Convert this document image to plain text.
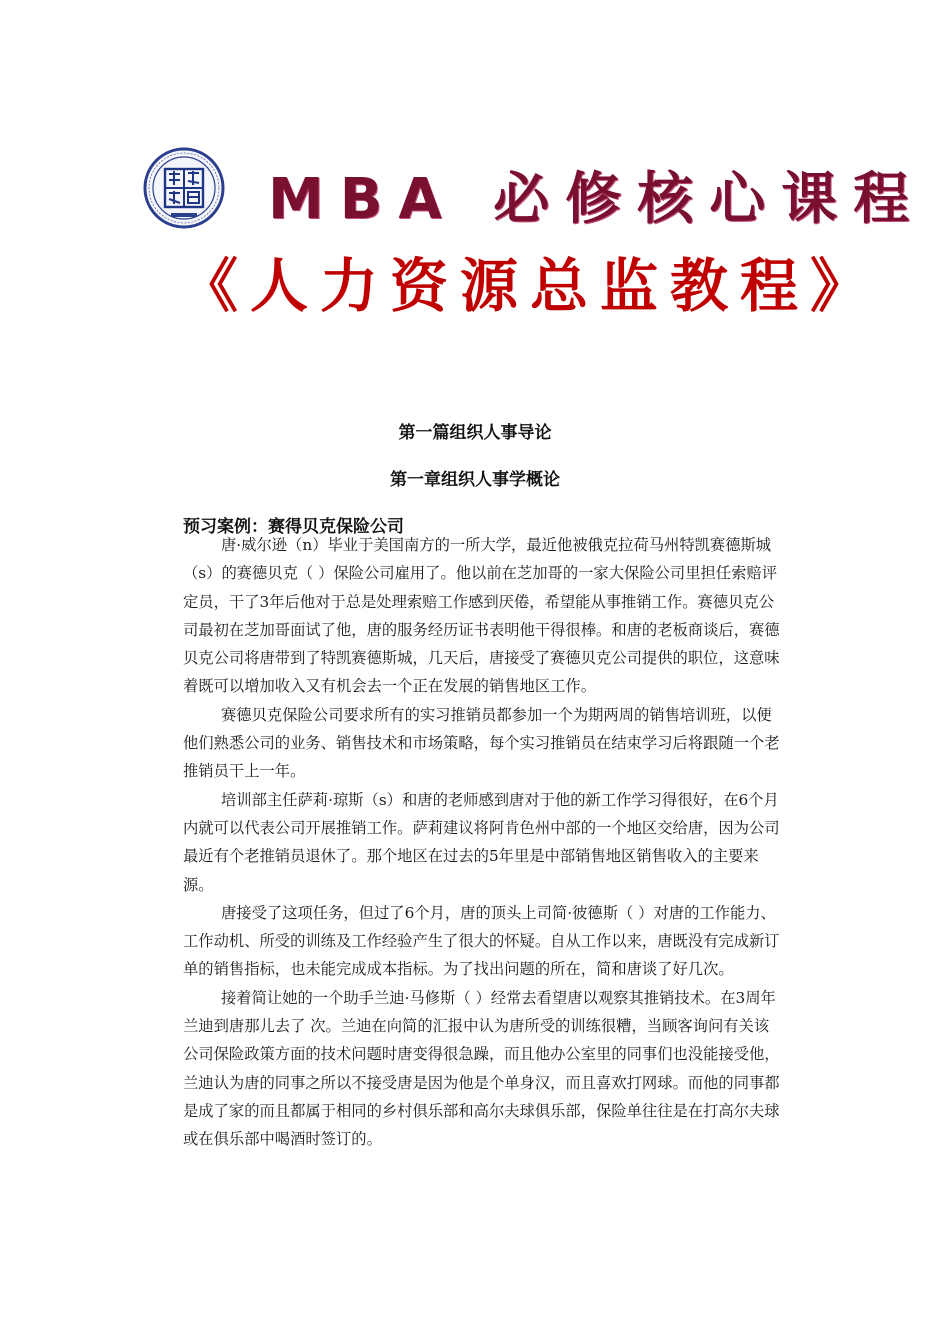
MBA 必修核心课程
《人力资源总监教程》
第一篇组织人事导论
第一章组织人事学概论
预习案例：赛得贝克保险公司

唐·威尔逊（n）毕业于美国南方的一所大学，最近他被俄克拉荷马州特凯赛德斯城（s）的赛德贝克（ ）保险公司雇用了。他以前在芝加哥的一家大保险公司里担任索赔评定员，干了3年后他对于总是处理索赔工作感到厌倦，希望能从事推销工作。赛德贝克公司最初在芝加哥面试了他，唐的服务经历证书表明他干得很棒。和唐的老板商谈后，赛德贝克公司将唐带到了特凯赛德斯城，几天后，唐接受了赛德贝克公司提供的职位，这意味着既可以增加收入又有机会去一个正在发展的销售地区工作。

赛德贝克保险公司要求所有的实习推销员都参加一个为期两周的销售培训班，以便他们熟悉公司的业务、销售技术和市场策略，每个实习推销员在结束学习后将跟随一个老推销员干上一年。

培训部主任萨莉·琼斯（s）和唐的老师感到唐对于他的新工作学习得很好，在6个月内就可以代表公司开展推销工作。萨莉建议将阿肯色州中部的一个地区交给唐，因为公司最近有个老推销员退休了。那个地区在过去的5年里是中部销售地区销售收入的主要来源。

唐接受了这项任务，但过了6个月，唐的顶头上司简·彼德斯（ ）对唐的工作能力、工作动机、所受的训练及工作经验产生了很大的怀疑。自从工作以来，唐既没有完成新订单的销售指标，也未能完成成本指标。为了找出问题的所在，简和唐谈了好几次。

接着简让她的一个助手兰迪·马修斯（ ）经常去看望唐以观察其推销技术。在3周年兰迪到唐那儿去了 次。兰迪在向简的汇报中认为唐所受的训练很糟，当顾客询问有关该公司保险政策方面的技术问题时唐变得很急躁，而且他办公室里的同事们也没能接受他，兰迪认为唐的同事之所以不接受唐是因为他是个单身汉，而且喜欢打网球。而他的同事都是成了家的而且都属于相同的乡村俱乐部和高尔夫球俱乐部，保险单往往是在打高尔夫球或在俱乐部中喝酒时签订的。
